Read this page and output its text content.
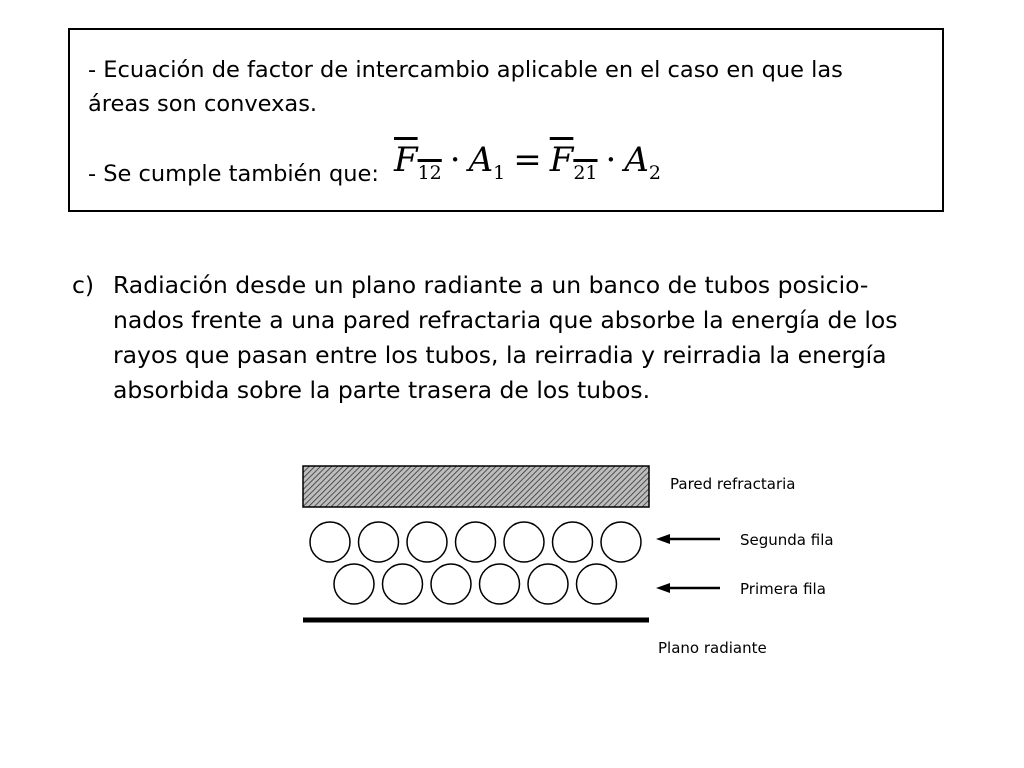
- Ecuación de factor de intercambio aplicable en el caso en que las
áreas son convexas.
- Se cumple también que: $F_{12} \cdot A_1 = F_{21} \cdot A_2$
c) Radiación desde un plano radiante a un banco de tubos posicio-
nados frente a una pared refractaria que absorbe la energía de los
rayos que pasan entre los tubos, la reirradia y reirradia la energía
absorbida sobre la parte trasera de los tubos.
Pared refractaria
Segunda fila
Primera fila
Plano radiante
